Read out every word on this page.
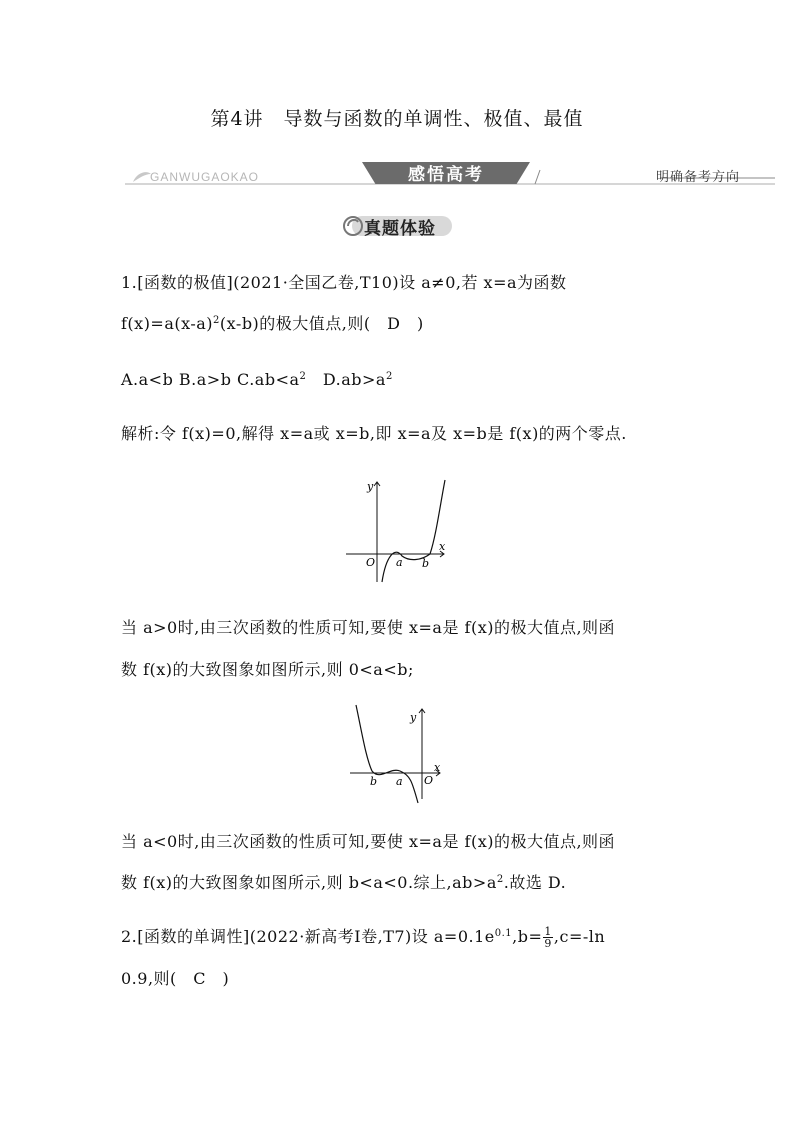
第4讲　导数与函数的单调性、极值、最值
GANWUGAOKAO	感悟高考	明确备考方向
真题体验
1.[函数的极值](2021·全国乙卷,T10)设 a≠0,若 x=a为函数
$f(x)=a(x-a)^2(x-b)$的极大值点,则(　D　)
A.a<b B.a>b $C.ab<a^2$　$D.ab>a^2$
解析:令 f(x)=0,解得 x=a或 x=b,即 x=a及 x=b是 f(x)的两个零点.
y
x
O a b
当 a>0时,由三次函数的性质可知,要使 x=a是 f(x)的极大值点,则函
数 f(x)的大致图象如图所示,则 0<a<b;
y
x
O
a
b
当 a<0时,由三次函数的性质可知,要使 x=a是 f(x)的极大值点,则函
数 f(x)的大致图象如图所示,则 b<a<0.综上$,ab>a^2$.故选 D.
2.[函数的单调性](2022·新高考Ⅰ卷,T7)设 $a=0.1e^{0.1},b= \frac{1}{9} ,c=-\ln$
0.9,则(　C　)
